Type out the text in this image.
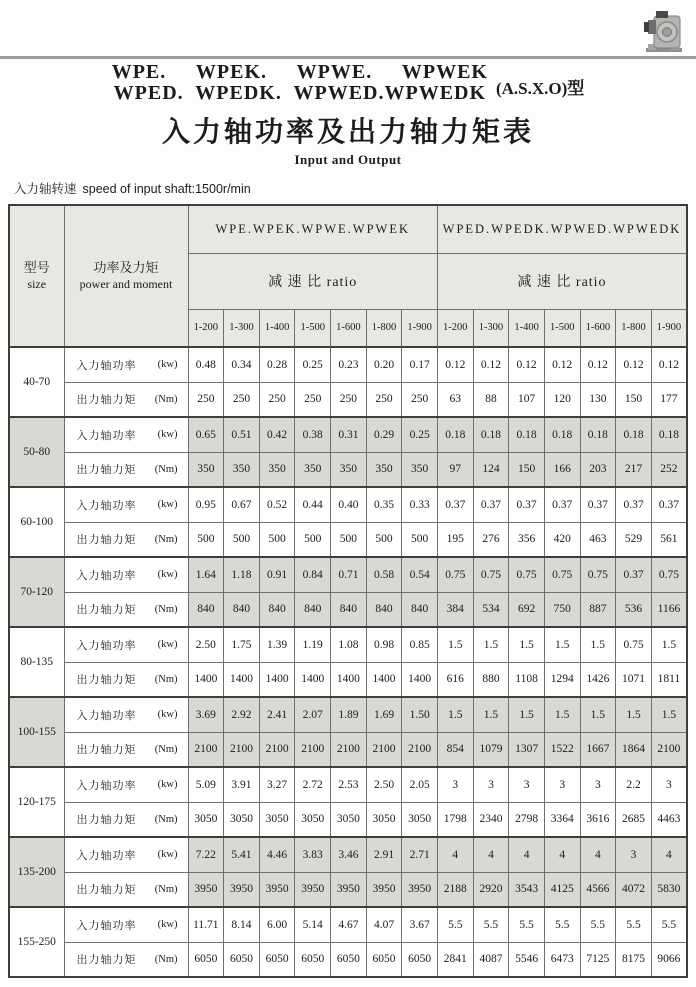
WPE.     WPEK.     WPWE.     WPWEK
WPED.  WPEDK.  WPWED.WPWEDK (A.S.X.O)型
入力轴功率及出力轴力矩表
Input and Output
入力轴转速 speed of input shaft:1500r/min
型号
size

功率及力矩
power and moment
	WPE.WPEK.WPWE.WPWEK	WPED.WPEDK.WPWED.WPWEDK
		减 速 比 ratio							减 速 比 ratio						
		1-200	1-300	1-400	1-500	1-600	1-800	1-900	1-200	1-300	1-400	1-500	1-600	1-800	1-900
40-70	入力轴功率 (kw)	0.48	0.34	0.28	0.25	0.23	0.20	0.17	0.12	0.12	0.12	0.12	0.12	0.12	0.12

	出力轴力矩 (Nm)	250	250	250	250	250	250	250	63	88	107	120	130	150	177
50-80	入力轴功率 (kw)	0.65	0.51	0.42	0.38	0.31	0.29	0.25	0.18	0.18	0.18	0.18	0.18	0.18	0.18

	出力轴力矩 (Nm)	350	350	350	350	350	350	350	97	124	150	166	203	217	252
60-100	入力轴功率 (kw)	0.95	0.67	0.52	0.44	0.40	0.35	0.33	0.37	0.37	0.37	0.37	0.37	0.37	0.37

	出力轴力矩 (Nm)	500	500	500	500	500	500	500	195	276	356	420	463	529	561
70-120	入力轴功率 (kw)	1.64	1.18	0.91	0.84	0.71	0.58	0.54	0.75	0.75	0.75	0.75	0.75	0.37	0.75

	出力轴力矩 (Nm)	840	840	840	840	840	840	840	384	534	692	750	887	536	1166
80-135	入力轴功率 (kw)	2.50	1.75	1.39	1.19	1.08	0.98	0.85	1.5	1.5	1.5	1.5	1.5	0.75	1.5

	出力轴力矩 (Nm)	1400	1400	1400	1400	1400	1400	1400	616	880	1108	1294	1426	1071	1811
100-155	入力轴功率 (kw)	3.69	2.92	2.41	2.07	1.89	1.69	1.50	1.5	1.5	1.5	1.5	1.5	1.5	1.5

	出力轴力矩 (Nm)	2100	2100	2100	2100	2100	2100	2100	854	1079	1307	1522	1667	1864	2100
120-175	入力轴功率 (kw)	5.09	3.91	3.27	2.72	2.53	2.50	2.05	3	3	3	3	3	2.2	3

	出力轴力矩 (Nm)	3050	3050	3050	3050	3050	3050	3050	1798	2340	2798	3364	3616	2685	4463
135-200	入力轴功率 (kw)	7.22	5.41	4.46	3.83	3.46	2.91	2.71	4	4	4	4	4	3	4

	出力轴力矩 (Nm)	3950	3950	3950	3950	3950	3950	3950	2188	2920	3543	4125	4566	4072	5830
155-250	入力轴功率 (kw)	11.71	8.14	6.00	5.14	4.67	4.07	3.67	5.5	5.5	5.5	5.5	5.5	5.5	5.5

	出力轴力矩 (Nm)	6050	6050	6050	6050	6050	6050	6050	2841	4087	5546	6473	7125	8175	9066
